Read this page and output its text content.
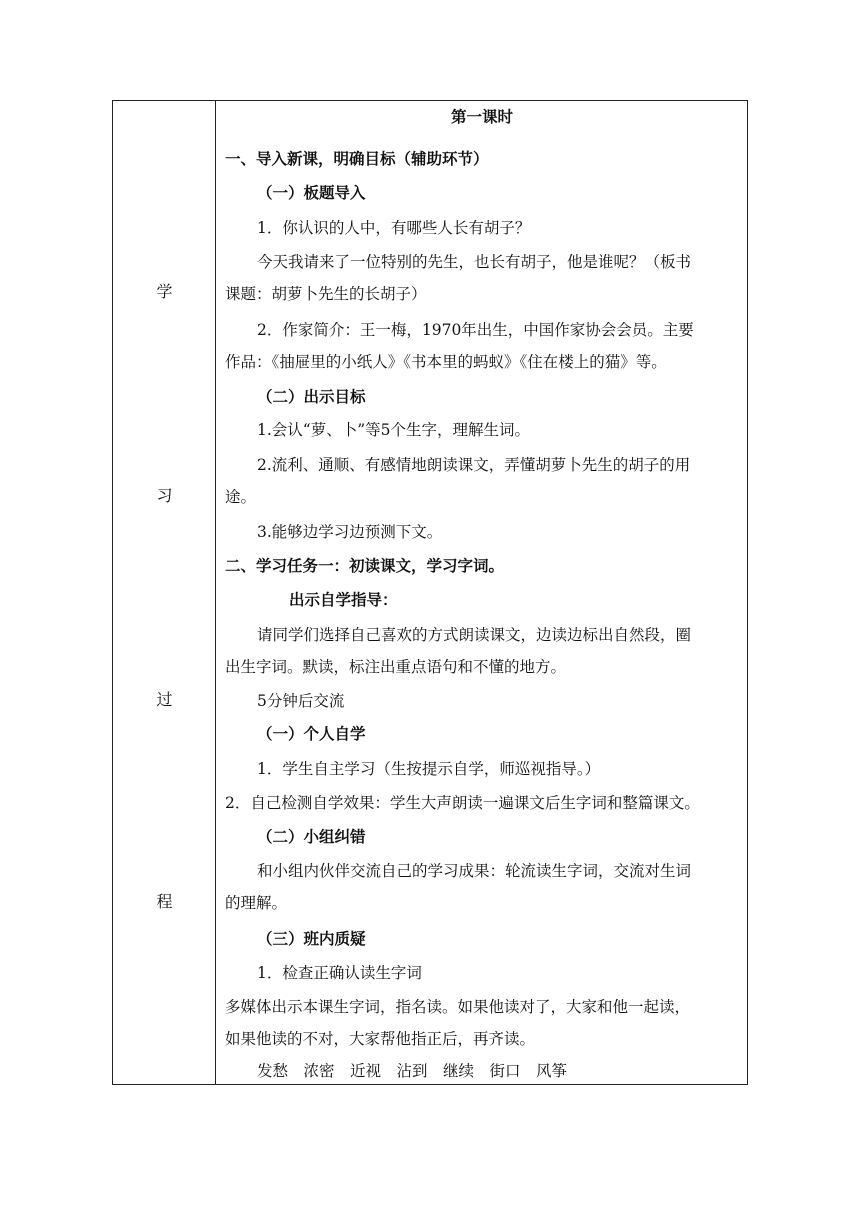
学
习
过
程
第一课时
一、导入新课，明确目标（辅助环节）
（一）板题导入
1．你认识的人中，有哪些人长有胡子？
今天我请来了一位特别的先生，也长有胡子，他是谁呢？（板书
课题：胡萝卜先生的长胡子）
2．作家简介：王一梅，1970年出生，中国作家协会会员。主要
作品：《抽屉里的小纸人》《书本里的蚂蚁》《住在楼上的猫》等。
（二）出示目标
1.会认“萝、卜”等5个生字，理解生词。
2.流利、通顺、有感情地朗读课文，弄懂胡萝卜先生的胡子的用
途。
3.能够边学习边预测下文。
二、学习任务一：初读课文，学习字词。
出示自学指导：
请同学们选择自己喜欢的方式朗读课文，边读边标出自然段，圈
出生字词。默读，标注出重点语句和不懂的地方。
5分钟后交流
（一）个人自学
1．学生自主学习（生按提示自学，师巡视指导。）
2．自己检测自学效果：学生大声朗读一遍课文后生字词和整篇课文。
（二）小组纠错
和小组内伙伴交流自己的学习成果：轮流读生字词，交流对生词
的理解。
（三）班内质疑
1．检查正确认读生字词
多媒体出示本课生字词，指名读。如果他读对了，大家和他一起读，
如果他读的不对，大家帮他指正后，再齐读。
发愁　浓密　近视　沾到　继续　街口　风筝
